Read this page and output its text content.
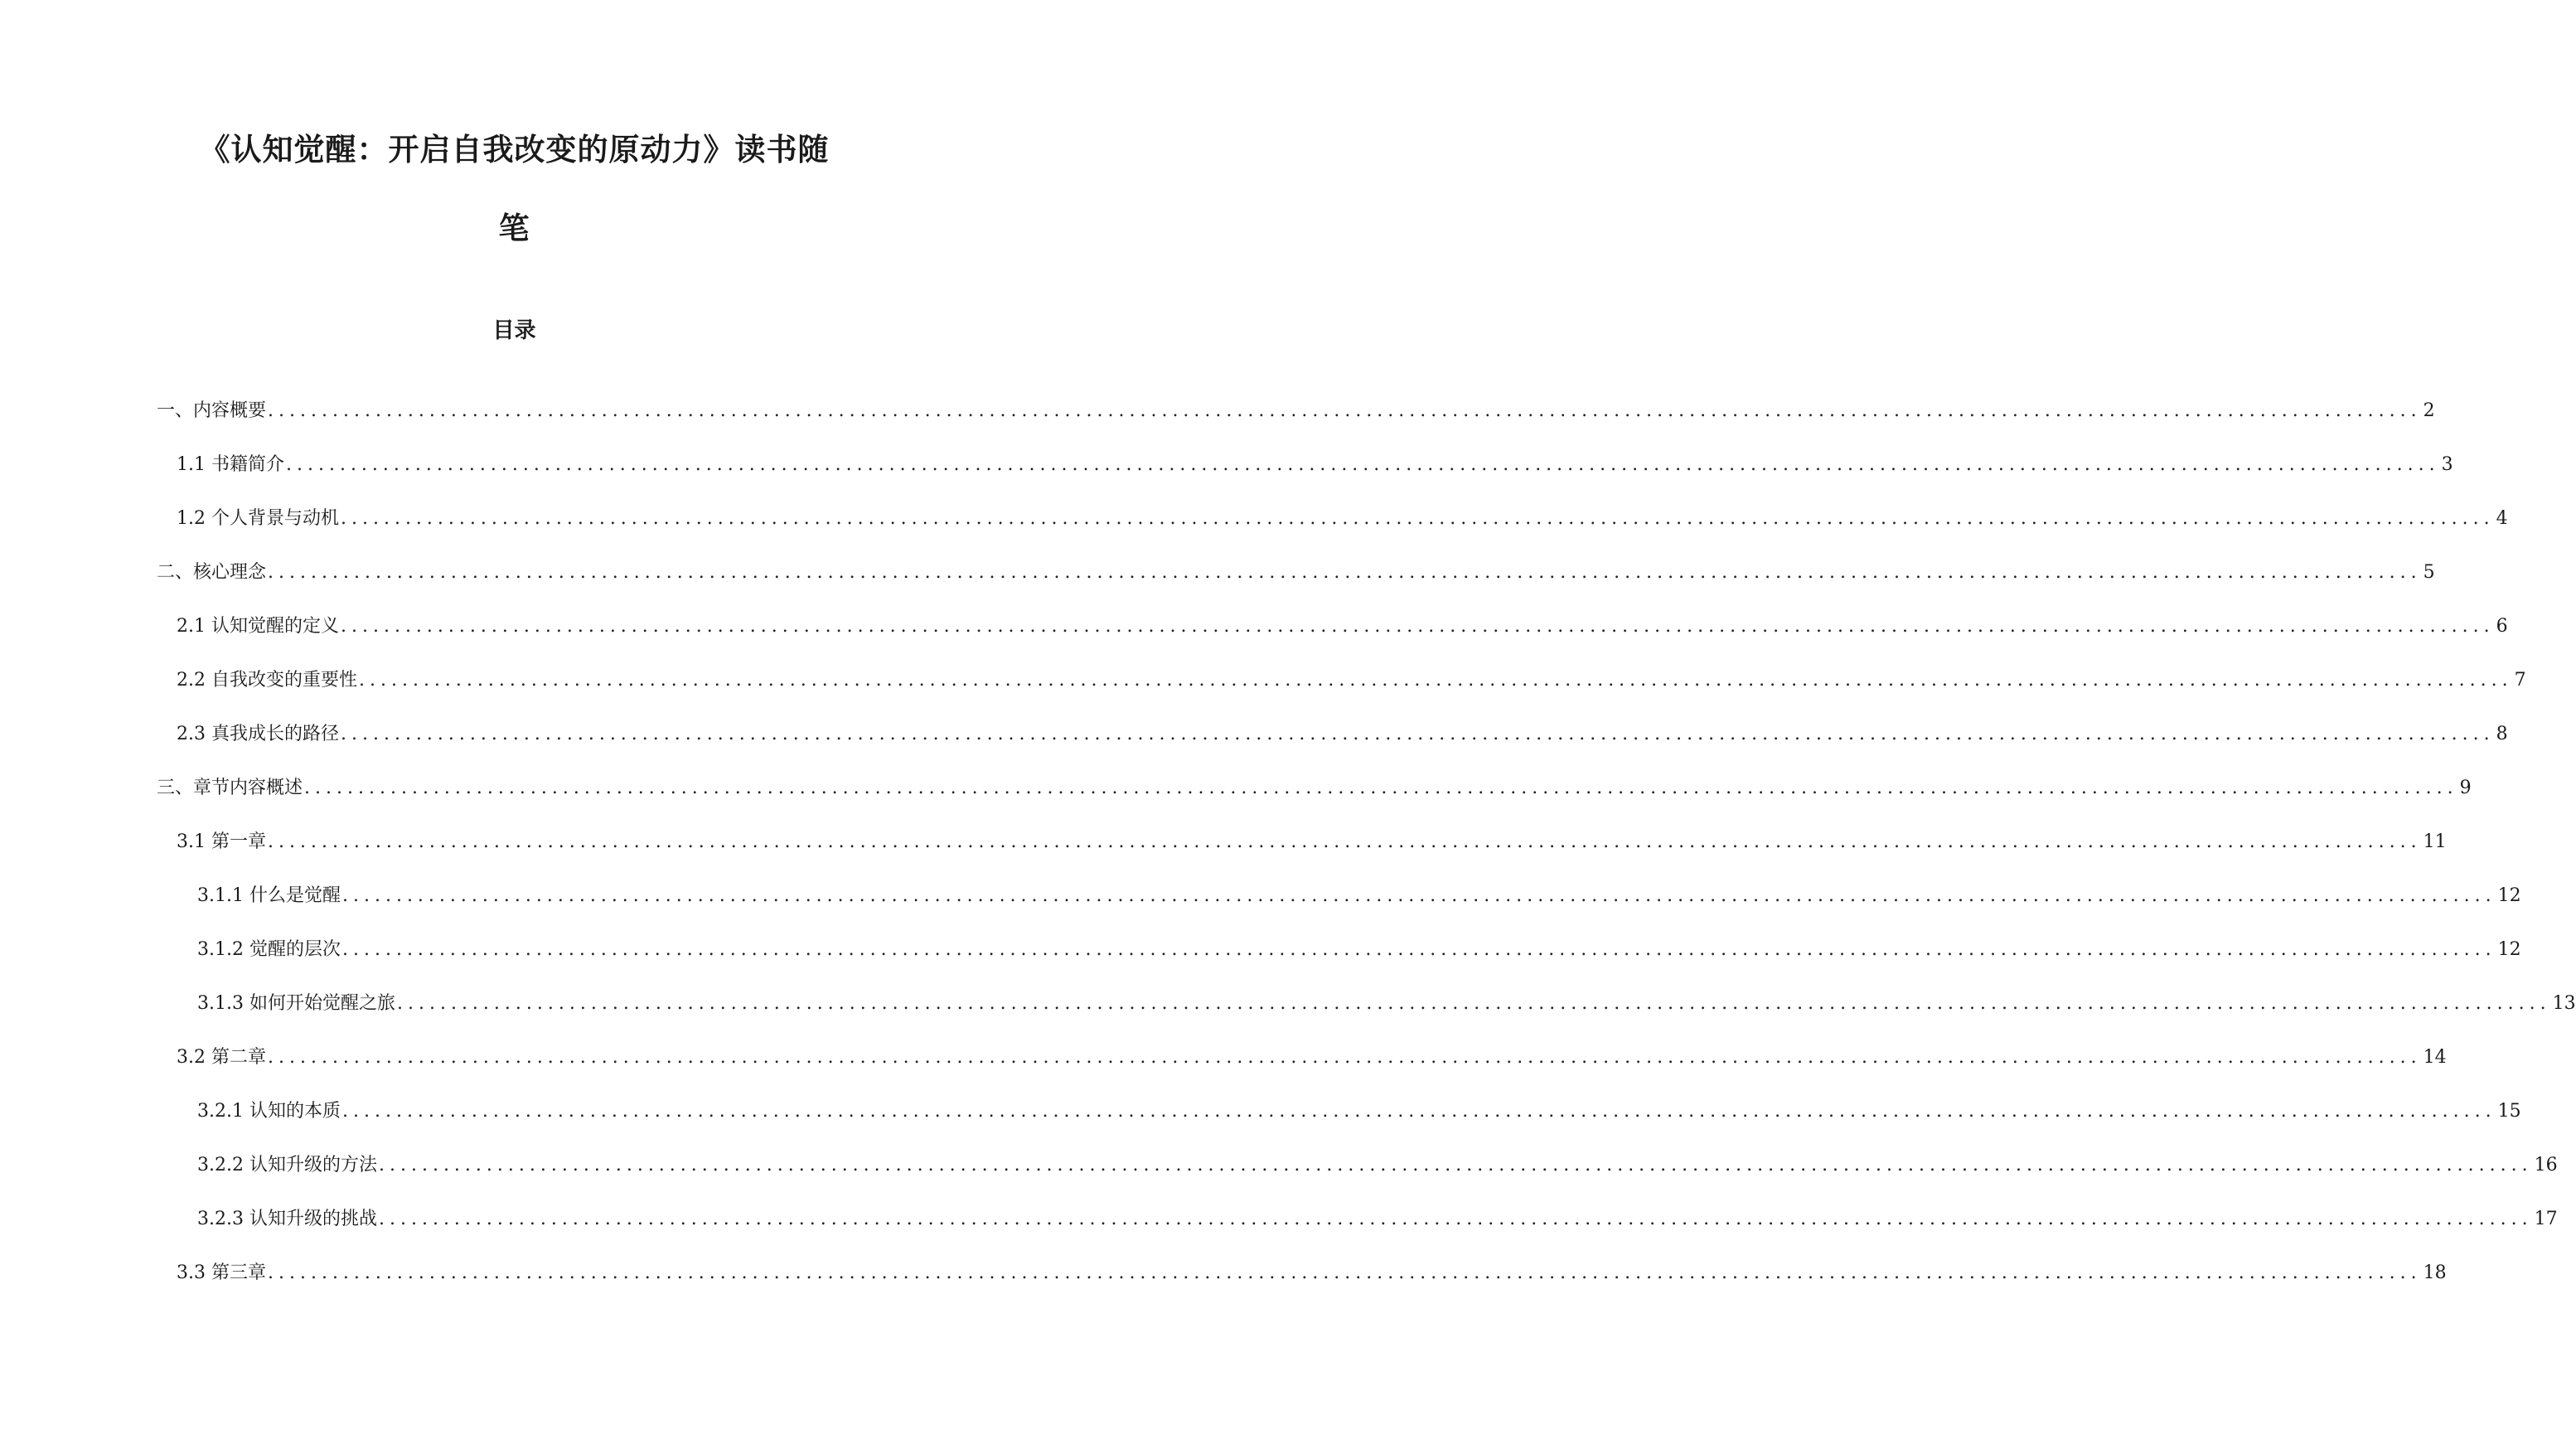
《认知觉醒：开启自我改变的原动力》读书随
笔
目录
一、内容概要 ........................................................................................................................................................................................................ 2
1.1 书籍简介 ........................................................................................................................................................................................................ 3
1.2 个人背景与动机 ........................................................................................................................................................................................................ 4
二、核心理念 ........................................................................................................................................................................................................ 5
2.1 认知觉醒的定义 ........................................................................................................................................................................................................ 6
2.2 自我改变的重要性 ........................................................................................................................................................................................................ 7
2.3 真我成长的路径 ........................................................................................................................................................................................................ 8
三、章节内容概述 ........................................................................................................................................................................................................ 9
3.1 第一章 ........................................................................................................................................................................................................ 11
3.1.1 什么是觉醒 ........................................................................................................................................................................................................ 12
3.1.2 觉醒的层次 ........................................................................................................................................................................................................ 12
3.1.3 如何开始觉醒之旅 ........................................................................................................................................................................................................ 13
3.2 第二章 ........................................................................................................................................................................................................ 14
3.2.1 认知的本质 ........................................................................................................................................................................................................ 15
3.2.2 认知升级的方法 ........................................................................................................................................................................................................ 16
3.2.3 认知升级的挑战 ........................................................................................................................................................................................................ 17
3.3 第三章 ........................................................................................................................................................................................................ 18
